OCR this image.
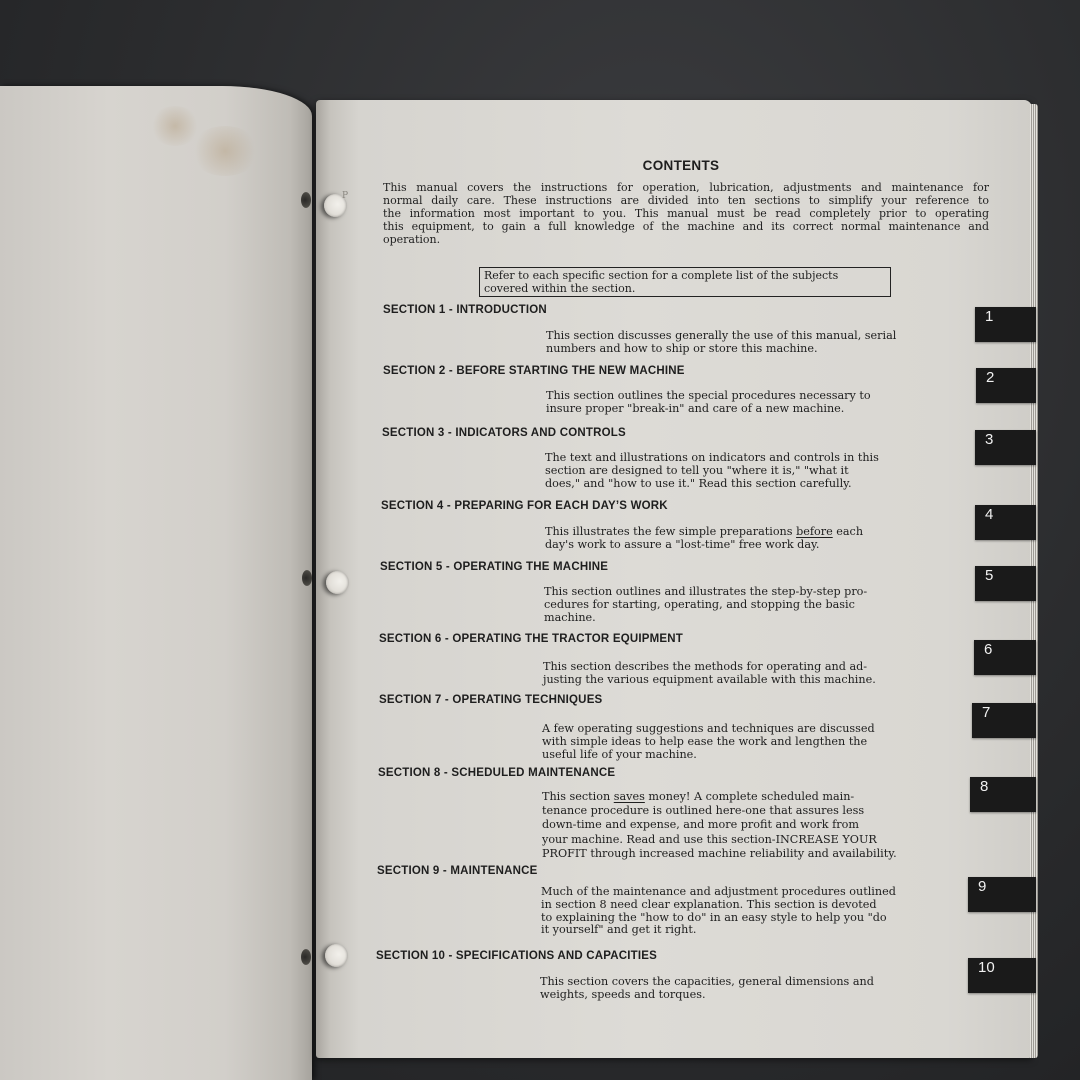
P
CONTENTS
This manual covers the instructions for operation, lubrication, adjustments and maintenance for
normal daily care. These instructions are divided into ten sections to simplify your reference to
the information most important to you. This manual must be read completely prior to operating
this equipment, to gain a full knowledge of the machine and its correct normal maintenance and
operation.
Refer to each specific section for a complete list of the subjects
covered within the section.
SECTION 1 - INTRODUCTION
This section discusses generally the use of this manual, serial
numbers and how to ship or store this machine.
SECTION 2 - BEFORE STARTING THE NEW MACHINE
This section outlines the special procedures necessary to
insure proper "break-in" and care of a new machine.
SECTION 3 - INDICATORS AND CONTROLS
The text and illustrations on indicators and controls in this
section are designed to tell you "where it is," "what it
does," and "how to use it." Read this section carefully.
SECTION 4 - PREPARING FOR EACH DAY’S WORK
This illustrates the few simple preparations before each
day's work to assure a "lost-time" free work day.
SECTION 5 - OPERATING THE MACHINE
This section outlines and illustrates the step-by-step pro-
cedures for starting, operating, and stopping the basic
machine.
SECTION 6 - OPERATING THE TRACTOR EQUIPMENT
This section describes the methods for operating and ad-
justing the various equipment available with this machine.
SECTION 7 - OPERATING TECHNIQUES
A few operating suggestions and techniques are discussed
with simple ideas to help ease the work and lengthen the
useful life of your machine.
SECTION 8 - SCHEDULED MAINTENANCE
This section saves money! A complete scheduled main-
tenance procedure is outlined here-one that assures less
down-time and expense, and more profit and work from
your machine. Read and use this section-INCREASE YOUR
PROFIT through increased machine reliability and availability.
SECTION 9 - MAINTENANCE
Much of the maintenance and adjustment procedures outlined
in section 8 need clear explanation. This section is devoted
to explaining the "how to do" in an easy style to help you "do
it yourself" and get it right.
SECTION 10 - SPECIFICATIONS AND CAPACITIES
This section covers the capacities, general dimensions and
weights, speeds and torques.
1
2
3
4
5
6
7
8
9
10
